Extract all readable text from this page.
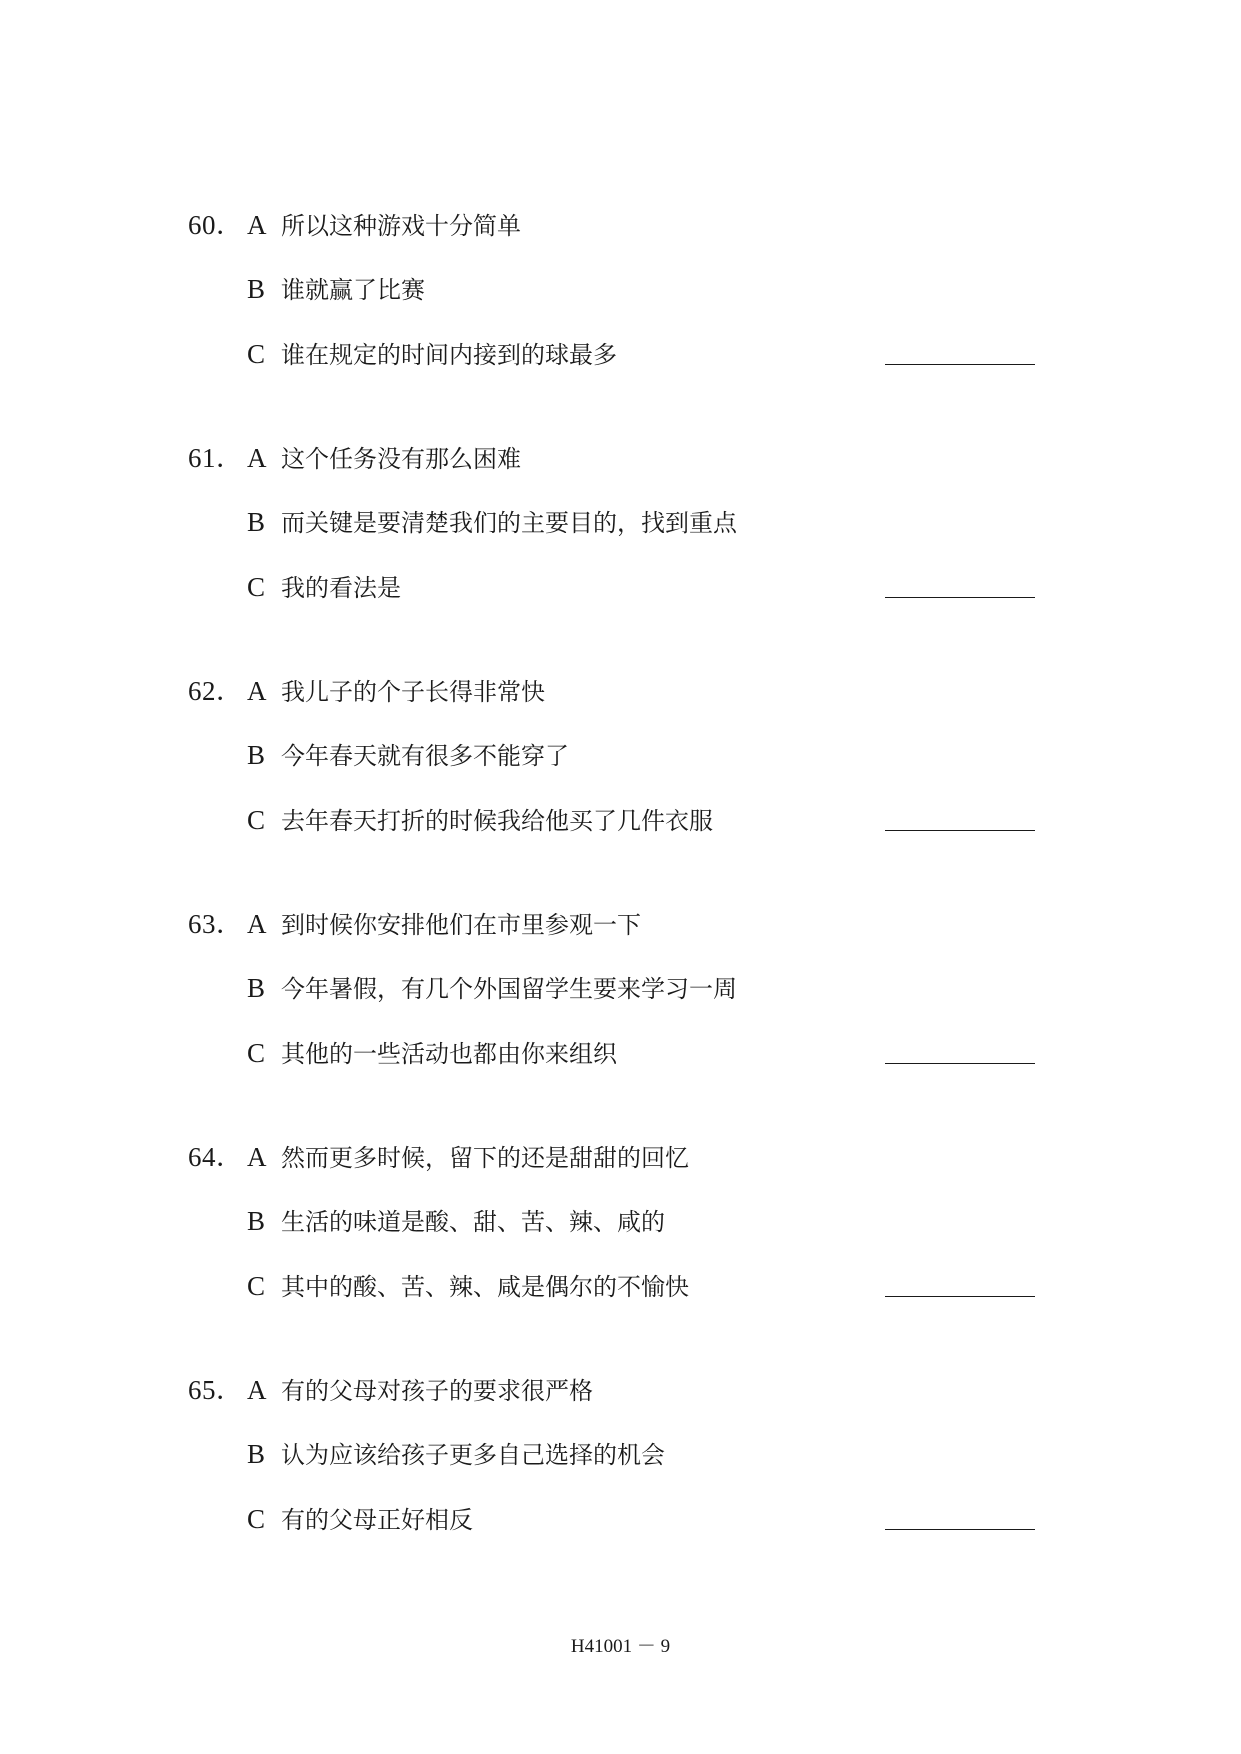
60． A 所以这种游戏十分简单
B 谁就赢了比赛
C 谁在规定的时间内接到的球最多
61． A 这个任务没有那么困难
B 而关键是要清楚我们的主要目的，找到重点
C 我的看法是
62． A 我儿子的个子长得非常快
B 今年春天就有很多不能穿了
C 去年春天打折的时候我给他买了几件衣服
63． A 到时候你安排他们在市里参观一下
B 今年暑假，有几个外国留学生要来学习一周
C 其他的一些活动也都由你来组织
64． A 然而更多时候，留下的还是甜甜的回忆
B 生活的味道是酸、甜、苦、辣、咸的
C 其中的酸、苦、辣、咸是偶尔的不愉快
65． A 有的父母对孩子的要求很严格
B 认为应该给孩子更多自己选择的机会
C 有的父母正好相反
H41001 － 9
